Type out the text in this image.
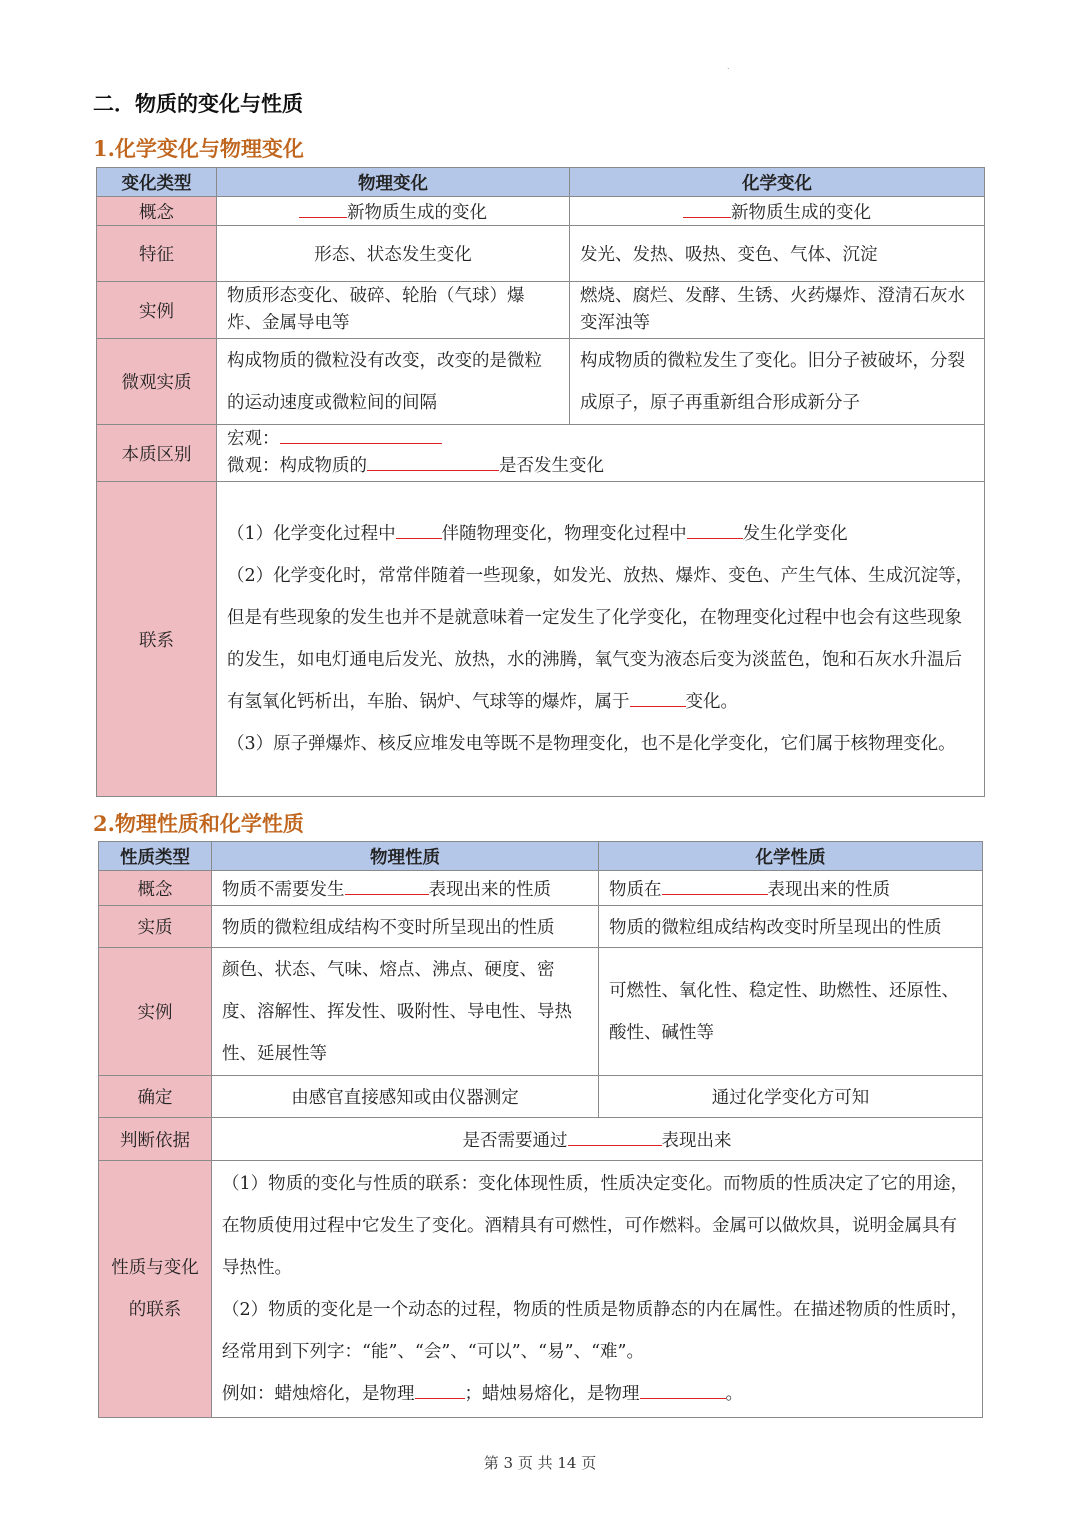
.
二．物质的变化与性质
1.化学变化与物理变化
变化类型	物理变化	化学变化
概念	新物质生成的变化	新物质生成的变化
特征	形态、状态发生变化	发光、发热、吸热、变色、气体、沉淀
实例	物质形态变化、破碎、轮胎（气球）爆炸、金属导电等	燃烧、腐烂、发酵、生锈、火药爆炸、澄清石灰水变浑浊等
微观实质	构成物质的微粒没有改变，改变的是微粒的运动速度或微粒间的间隔	构成物质的微粒发生了变化。旧分子被破坏，分裂成原子，原子再重新组合形成新分子
本质区别	宏观：
微观：构成物质的 是否发生变化	

联系	（1）化学变化过程中 伴随物理变化，物理变化过程中 发生化学变化

（2）化学变化时，常常伴随着一些现象，如发光、放热、爆炸、变色、产生气体、生成沉淀等，但是有些现象的发生也并不是就意味着一定发生了化学变化，在物理变化过程中也会有这些现象的发生，如电灯通电后发光、放热，水的沸腾，氧气变为液态后变为淡蓝色，饱和石灰水升温后有氢氧化钙析出，车胎、锅炉、气球等的爆炸，属于 变化。

（3）原子弹爆炸、核反应堆发电等既不是物理变化，也不是化学变化，它们属于核物理变化。	

2.物理性质和化学性质
性质类型	物理性质	化学性质
概念	物质不需要发生 表现出来的性质	物质在 表现出来的性质
实质	物质的微粒组成结构不变时所呈现出的性质	物质的微粒组成结构改变时所呈现出的性质
实例	颜色、状态、气味、熔点、沸点、硬度、密度、溶解性、挥发性、吸附性、导电性、导热性、延展性等	可燃性、氧化性、稳定性、助燃性、还原性、酸性、碱性等
确定	由感官直接感知或由仪器测定	通过化学变化方可知
判断依据	是否需要通过 表现出来	
性质与变化的联系	（1）物质的变化与性质的联系：变化体现性质，性质决定变化。而物质的性质决定了它的用途，在物质使用过程中它发生了变化。酒精具有可燃性，可作燃料。金属可以做炊具，说明金属具有导热性。

（2）物质的变化是一个动态的过程，物质的性质是物质静态的内在属性。在描述物质的性质时，经常用到下列字：“能”、“会”、“可以”、“易”、“难”。

例如：蜡烛熔化，是物理 ；蜡烛易熔化，是物理 。	

第 3 页 共 14 页
